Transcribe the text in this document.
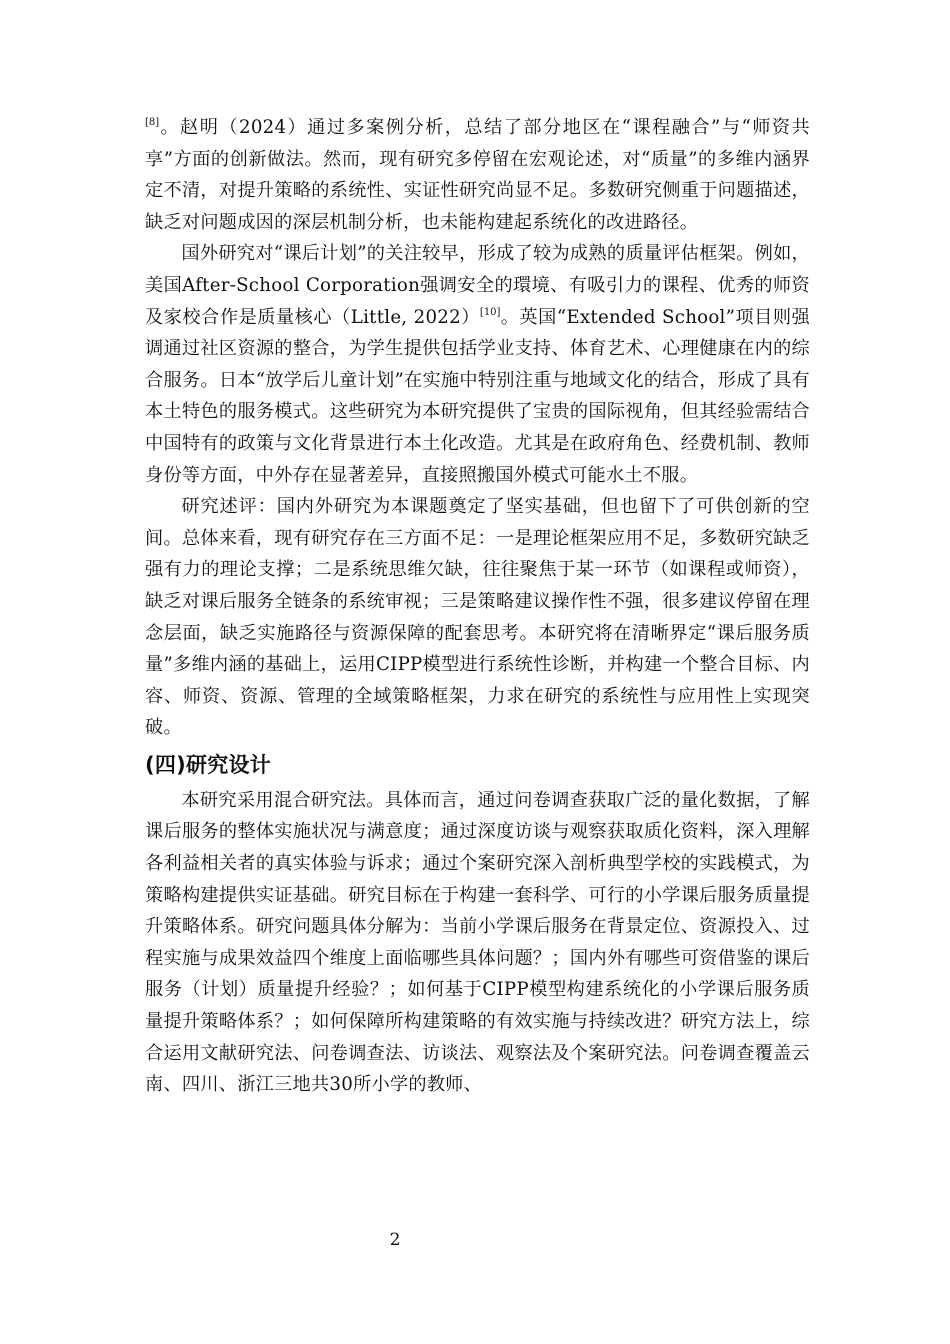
[8]。赵明（2024）通过多案例分析，总结了部分地区在“课程融合”与“师资共享”方面的创新做法。然而，现有研究多停留在宏观论述，对“质量”的多维内涵界定不清，对提升策略的系统性、实证性研究尚显不足。多数研究侧重于问题描述，缺乏对问题成因的深层机制分析，也未能构建起系统化的改进路径。

国外研究对“课后计划”的关注较早，形成了较为成熟的质量评估框架。例如，美国After-School Corporation强调安全的環境、有吸引力的课程、优秀的师资及家校合作是质量核心（Little, 2022）[10]。英国“Extended School”项目则强调通过社区资源的整合，为学生提供包括学业支持、体育艺术、心理健康在内的综合服务。日本“放学后儿童计划”在实施中特别注重与地域文化的结合，形成了具有本土特色的服务模式。这些研究为本研究提供了宝贵的国际视角，但其经验需结合中国特有的政策与文化背景进行本土化改造。尤其是在政府角色、经费机制、教师身份等方面，中外存在显著差异，直接照搬国外模式可能水土不服。

研究述评：国内外研究为本课题奠定了坚实基础，但也留下了可供创新的空间。总体来看，现有研究存在三方面不足：一是理论框架应用不足，多数研究缺乏强有力的理论支撑；二是系统思维欠缺，往往聚焦于某一环节（如课程或师资），缺乏对课后服务全链条的系统审视；三是策略建议操作性不强，很多建议停留在理念层面，缺乏实施路径与资源保障的配套思考。本研究将在清晰界定“课后服务质量”多维内涵的基础上，运用CIPP模型进行系统性诊断，并构建一个整合目标、内容、师资、资源、管理的全域策略框架，力求在研究的系统性与应用性上实现突破。

(四)研究设计

本研究采用混合研究法。具体而言，通过问卷调查获取广泛的量化数据，了解课后服务的整体实施状况与满意度；通过深度访谈与观察获取质化资料，深入理解各利益相关者的真实体验与诉求；通过个案研究深入剖析典型学校的实践模式，为策略构建提供实证基础。研究目标在于构建一套科学、可行的小学课后服务质量提升策略体系。研究问题具体分解为：当前小学课后服务在背景定位、资源投入、过程实施与成果效益四个维度上面临哪些具体问题？；国内外有哪些可资借鉴的课后服务（计划）质量提升经验？；如何基于CIPP模型构建系统化的小学课后服务质量提升策略体系？；如何保障所构建策略的有效实施与持续改进？研究方法上，综合运用文献研究法、问卷调查法、访谈法、观察法及个案研究法。问卷调查覆盖云南、四川、浙江三地共30所小学的教师、

2
